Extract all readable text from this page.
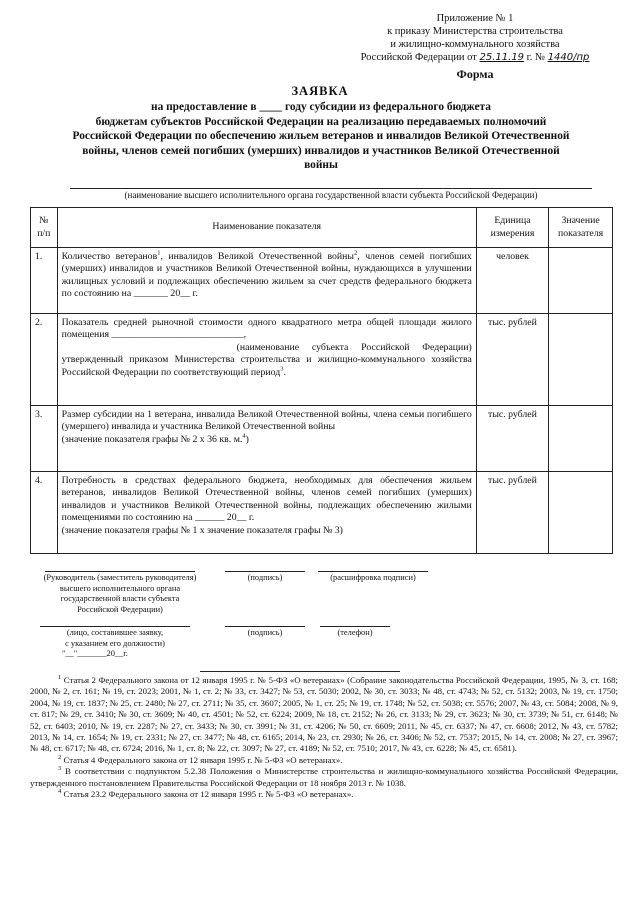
Приложение № 1
к приказу Министерства строительства
и жилищно-коммунального хозяйства
Российской Федерации от 25.11.19 г. № 1440/пр
Форма
ЗАЯВКА
на предоставление в ____ году субсидии из федерального бюджета
бюджетам субъектов Российской Федерации на реализацию передаваемых полномочий
Российской Федерации по обеспечению жильем ветеранов и инвалидов Великой Отечественной
войны, членов семей погибших (умерших) инвалидов и участников Великой Отечественной
войны
(наименование высшего исполнительного органа государственной власти субъекта Российской Федерации)
№ п/п	Наименование показателя	Единица измерения	Значение показателя
1.	Количество ветеранов$^1$, инвалидов Великой Отечественной войны$^2$, членов семей погибших (умерших) инвалидов и участников Великой Отечественной войны, нуждающихся в улучшении жилищных условий и подлежащих обеспечению жильем за счет средств федерального бюджета по состоянию на _______ 20__ г.	человек	
2.	Показатель средней рыночной стоимости одного квадратного метра общей площади жилого помещения ___________________________,
(наименование субъекта Российской Федерации)
утвержденный приказом Министерства строительства и жилищно-коммунального хозяйства Российской Федерации по соответствующий период$^3$.	тыс. рублей	
3.	Размер субсидии на 1 ветерана, инвалида Великой Отечественной войны, члена семьи погибшего (умершего) инвалида и участника Великой Отечественной войны
(значение показателя графы № 2 х 36 кв. м.$^4$)	тыс. рублей	
4.	Потребность в средствах федерального бюджета, необходимых для обеспечения жильем ветеранов, инвалидов Великой Отечественной войны, членов семей погибших (умерших) инвалидов и участников Великой Отечественной войны, подлежащих обеспечению жилыми помещениями по состоянию на ______ 20__ г.
(значение показателя графы № 1 х значение показателя графы № 3)	тыс. рублей	
(Руководитель (заместитель руководителя)
высшего исполнительного органа
государственной власти субъекта
Российской Федерации)
(подпись)	(расшифровка подписи)
(лицо, составившее заявку,
с указанием его должности)
(подпись)	(телефон)
"__"_______20__г.

$^1$ Статья 2 Федерального закона от 12 января 1995 г. № 5-ФЗ «О ветеранах» (Собрание законодательства Российской Федерации, 1995, № 3, ст. 168; 2000, № 2, ст. 161; № 19, ст. 2023; 2001, № 1, ст. 2; № 33, ст. 3427; № 53, ст. 5030; 2002, № 30, ст. 3033; № 48, ст. 4743; № 52, ст. 5132; 2003, № 19, ст. 1750; 2004, № 19, ст. 1837; № 25, ст. 2480; № 27, ст. 2711; № 35, ст. 3607; 2005, № 1, ст. 25; № 19, ст. 1748; № 52, ст. 5038; ст. 5576; 2007, № 43, ст. 5084; 2008, № 9, ст. 817; № 29, ст. 3410; № 30, ст. 3609; № 40, ст. 4501; № 52, ст. 6224; 2009, № 18, ст. 2152; № 26, ст. 3133; № 29, ст. 3623; № 30, ст. 3739; № 51, ст. 6148; № 52, ст. 6403; 2010, № 19, ст. 2287; № 27, ст. 3433; № 30, ст. 3991; № 31, ст. 4206; № 50, ст. 6609; 2011, № 45, ст. 6337; № 47, ст. 6608; 2012, № 43, ст. 5782; 2013, № 14, ст. 1654; № 19, ст. 2331; № 27, ст. 3477; № 48, ст. 6165; 2014, № 23, ст. 2930; № 26, ст. 3406; № 52, ст. 7537; 2015, № 14, ст. 2008; № 27, ст. 3967; № 48, ст. 6717; № 48, ст. 6724; 2016, № 1, ст. 8; № 22, ст. 3097; № 27, ст. 4189; № 52, ст. 7510; 2017, № 43, ст. 6228; № 45, ст. 6581).

$^2$ Статья 4 Федерального закона от 12 января 1995 г. № 5-ФЗ «О ветеранах».

$^3$ В соответствии с подпунктом 5.2.38 Положения о Министерстве строительства и жилищно-коммунального хозяйства Российской Федерации, утвержденного постановлением Правительства Российской Федерации от 18 ноября 2013 г. № 1038.

$^4$ Статья 23.2 Федерального закона от 12 января 1995 г. № 5-ФЗ «О ветеранах».
